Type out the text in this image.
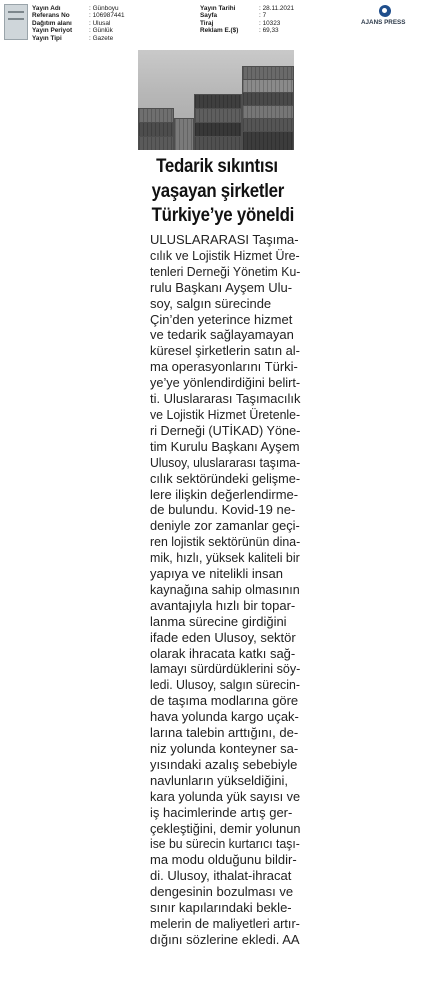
Yayın Adı	: Günboyu
Referans No	: 106987441
Dağıtım alanı	: Ulusal
Yayın Periyot	: Günlük
Yayın Tipi	: Gazete
Yayın Tarihi	: 28.11.2021
Sayfa	: 7
Tiraj	: 10323
Reklam E.($)	: 69,33
AJANS PRESS
Tedarik sıkıntısı
yaşayan şirketler
Türkiye’ye yöneldi
ULUSLARARASI Taşıma-
cılık ve Lojistik Hizmet Üre-
tenleri Derneği Yönetim Ku-
rulu Başkanı Ayşem Ulu-
soy, salgın sürecinde
Çin’den yeterince hizmet
ve tedarik sağlayamayan
küresel şirketlerin satın al-
ma operasyonlarını Türki-
ye’ye yönlendirdiğini belirt-
ti. Uluslararası Taşımacılık
ve Lojistik Hizmet Üretenle-
ri Derneği (UTİKAD) Yöne-
tim Kurulu Başkanı Ayşem
Ulusoy, uluslararası taşıma-
cılık sektöründeki gelişme-
lere ilişkin değerlendirme-
de bulundu. Kovid-19 ne-
deniyle zor zamanlar geçi-
ren lojistik sektörünün dina-
mik, hızlı, yüksek kaliteli bir
yapıya ve nitelikli insan
kaynağına sahip olmasının
avantajıyla hızlı bir topar-
lanma sürecine girdiğini
ifade eden Ulusoy, sektör
olarak ihracata katkı sağ-
lamayı sürdürdüklerini söy-
ledi. Ulusoy, salgın sürecin-
de taşıma modlarına göre
hava yolunda kargo uçak-
larına talebin arttığını, de-
niz yolunda konteyner sa-
yısındaki azalış sebebiyle
navlunların yükseldiğini,
kara yolunda yük sayısı ve
iş hacimlerinde artış ger-
çekleştiğini, demir yolunun
ise bu sürecin kurtarıcı taşı-
ma modu olduğunu bildir-
di. Ulusoy, ithalat-ihracat
dengesinin bozulması ve
sınır kapılarındaki bekle-
melerin de maliyetleri artır-
dığını sözlerine ekledi. AA
